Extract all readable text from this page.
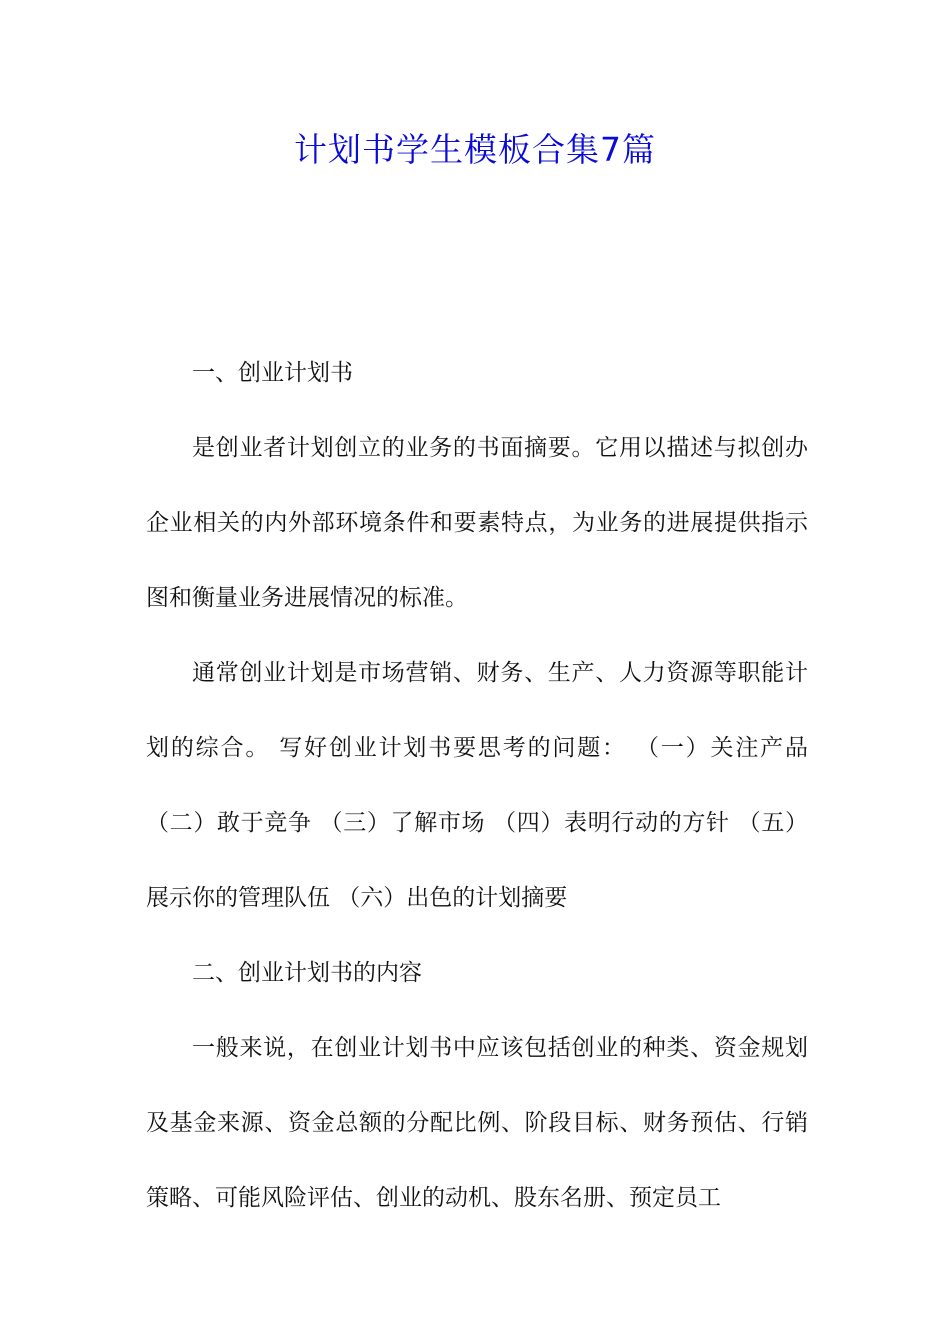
计划书学生模板合集7篇

一、创业计划书

是创业者计划创立的业务的书面摘要。它用以描述与拟创办企业相关的内外部环境条件和要素特点，为业务的进展提供指示图和衡量业务进展情况的标准。

通常创业计划是市场营销、财务、生产、人力资源等职能计划的综合。 写好创业计划书要思考的问题： （一）关注产品 （二）敢于竞争 （三）了解市场 （四）表明行动的方针 （五）展示你的管理队伍 （六）出色的计划摘要

二、创业计划书的内容

一般来说，在创业计划书中应该包括创业的种类、资金规划及基金来源、资金总额的分配比例、阶段目标、财务预估、行销策略、可能风险评估、创业的动机、股东名册、预定员工
